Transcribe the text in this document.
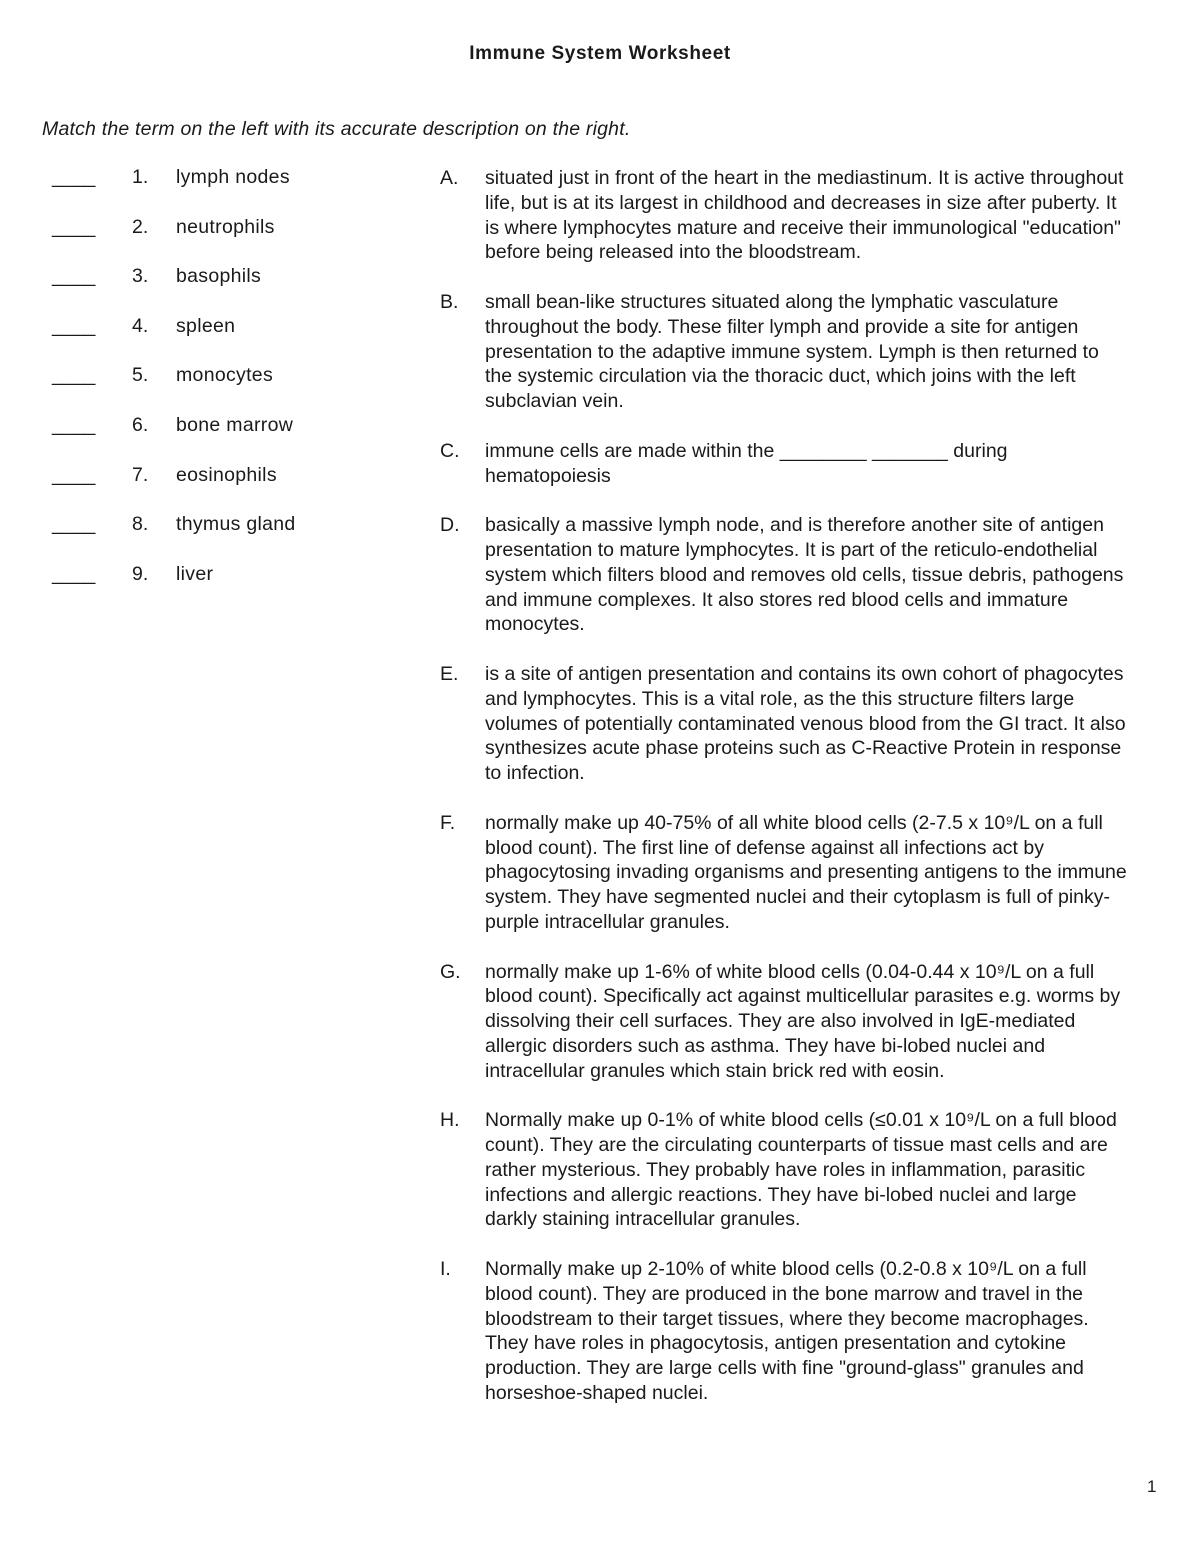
Immune System Worksheet
Match the term on the left with its accurate description on the right.
____ 1. lymph nodes
____ 2. neutrophils
____ 3. basophils
____ 4. spleen
____ 5. monocytes
____ 6. bone marrow
____ 7. eosinophils
____ 8. thymus gland
____ 9. liver
A. situated just in front of the heart in the mediastinum. It is active throughout life, but is at its largest in childhood and decreases in size after puberty. It is where lymphocytes mature and receive their immunological "education" before being released into the bloodstream.
B. small bean-like structures situated along the lymphatic vasculature throughout the body. These filter lymph and provide a site for antigen presentation to the adaptive immune system. Lymph is then returned to the systemic circulation via the thoracic duct, which joins with the left subclavian vein.
C. immune cells are made within the ________ _______ during hematopoiesis
D. basically a massive lymph node, and is therefore another site of antigen presentation to mature lymphocytes. It is part of the reticulo-endothelial system which filters blood and removes old cells, tissue debris, pathogens and immune complexes. It also stores red blood cells and immature monocytes.
E. is a site of antigen presentation and contains its own cohort of phagocytes and lymphocytes. This is a vital role, as the this structure filters large volumes of potentially contaminated venous blood from the GI tract. It also synthesizes acute phase proteins such as C-Reactive Protein in response to infection.
F. normally make up 40-75% of all white blood cells (2-7.5 x 10⁹/L on a full blood count). The first line of defense against all infections act by phagocytosing invading organisms and presenting antigens to the immune system. They have segmented nuclei and their cytoplasm is full of pinky-purple intracellular granules.
G. normally make up 1-6% of white blood cells (0.04-0.44 x 10⁹/L on a full blood count). Specifically act against multicellular parasites e.g. worms by dissolving their cell surfaces. They are also involved in IgE-mediated allergic disorders such as asthma. They have bi-lobed nuclei and intracellular granules which stain brick red with eosin.
H. Normally make up 0-1% of white blood cells (≤0.01 x 10⁹/L on a full blood count). They are the circulating counterparts of tissue mast cells and are rather mysterious. They probably have roles in inflammation, parasitic infections and allergic reactions. They have bi-lobed nuclei and large darkly staining intracellular granules.
I. Normally make up 2-10% of white blood cells (0.2-0.8 x 10⁹/L on a full blood count). They are produced in the bone marrow and travel in the bloodstream to their target tissues, where they become macrophages. They have roles in phagocytosis, antigen presentation and cytokine production. They are large cells with fine "ground-glass" granules and horseshoe-shaped nuclei.
1
